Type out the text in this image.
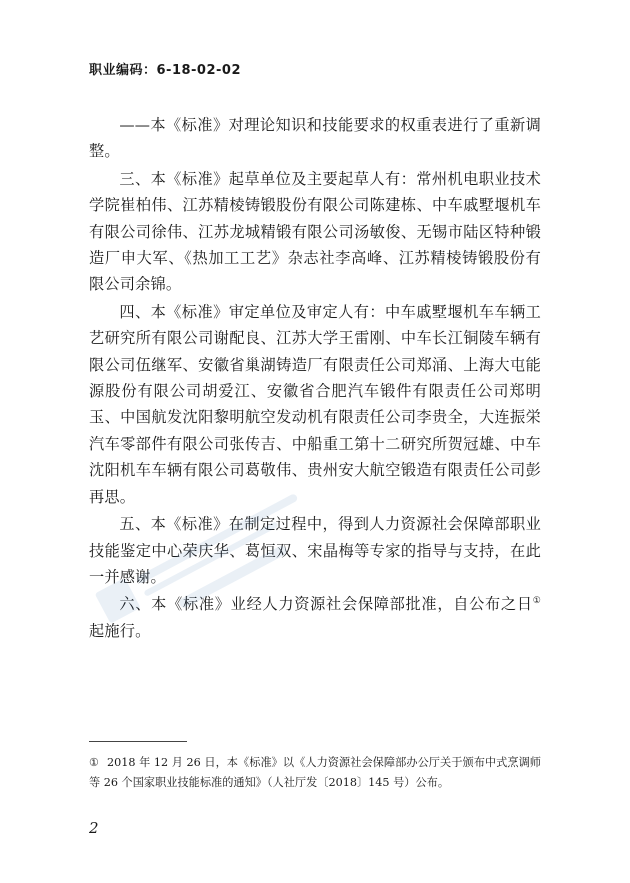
职业编码：6-18-02-02

——本《标准》对理论知识和技能要求的权重表进行了重新调整。

三、本《标准》起草单位及主要起草人有：常州机电职业技术学院崔柏伟、江苏精棱铸锻股份有限公司陈建栋、中车戚墅堰机车有限公司徐伟、江苏龙城精锻有限公司汤敏俊、无锡市陆区特种锻造厂申大军、《热加工工艺》杂志社李高峰、江苏精棱铸锻股份有限公司余锦。

四、本《标准》审定单位及审定人有：中车戚墅堰机车车辆工艺研究所有限公司谢配良、江苏大学王雷刚、中车长江铜陵车辆有限公司伍继军、安徽省巢湖铸造厂有限责任公司郑涌、上海大屯能源股份有限公司胡爱江、安徽省合肥汽车锻件有限责任公司郑明玉、中国航发沈阳黎明航空发动机有限责任公司李贵全，大连振栄汽车零部件有限公司张传吉、中船重工第十二研究所贺冠雄、中车沈阳机车车辆有限公司葛敬伟、贵州安大航空锻造有限责任公司彭再思。

五、本《标准》在制定过程中，得到人力资源社会保障部职业技能鉴定中心荣庆华、葛恒双、宋晶梅等专家的指导与支持，在此一并感谢。

六、本《标准》业经人力资源社会保障部批准，自公布之日①起施行。

① 2018 年 12 月 26 日，本《标准》以《人力资源社会保障部办公厅关于颁布中式烹调师等 26 个国家职业技能标准的通知》（人社厅发〔2018〕145 号）公布。
2
